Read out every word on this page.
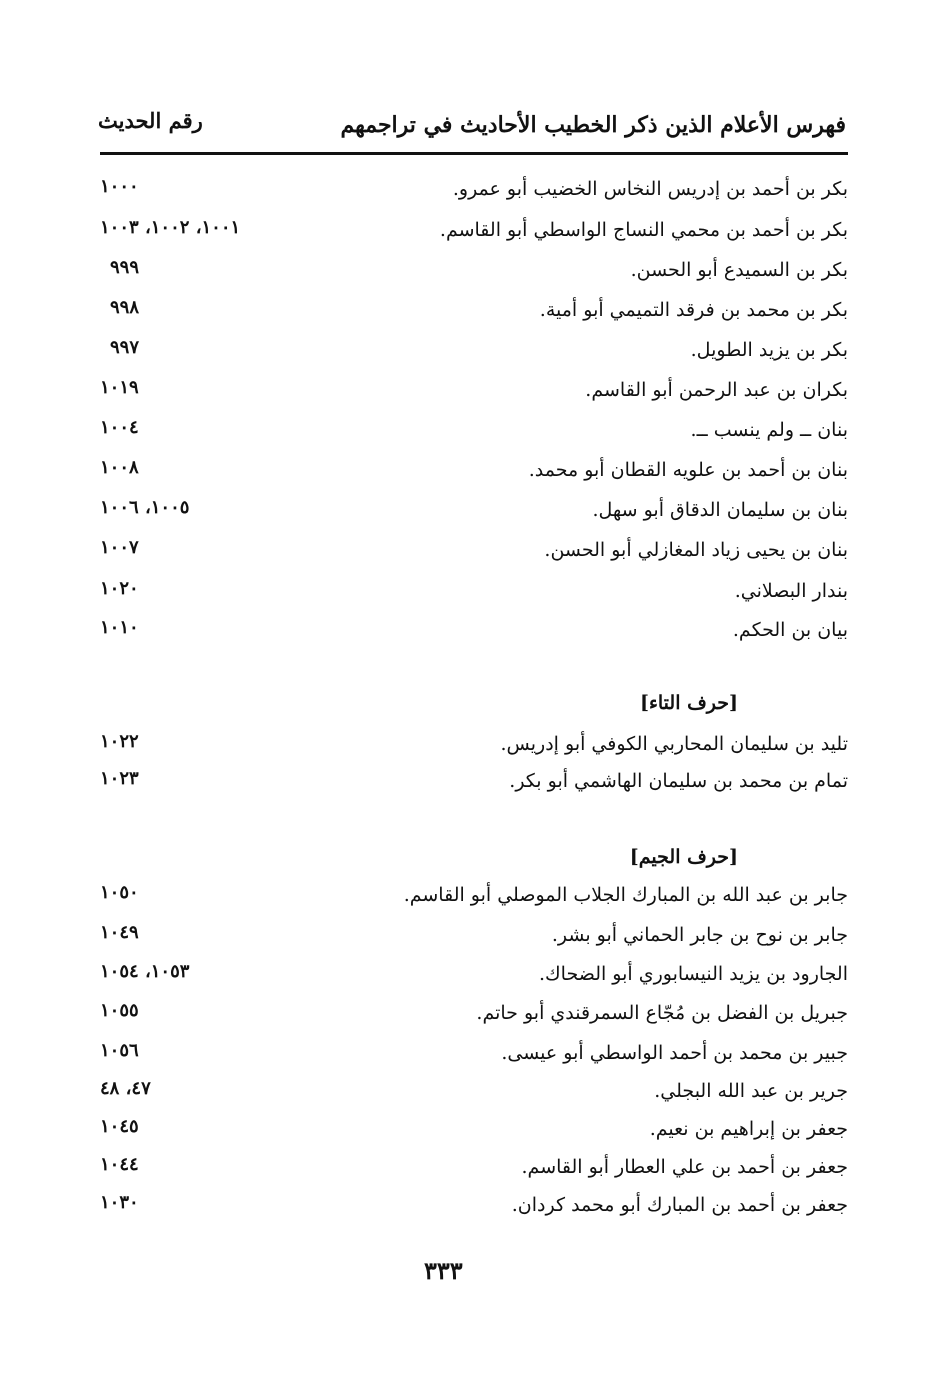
فهرس الأعلام الذين ذكر الخطيب الأحاديث في تراجمهم
رقم الحديث
بكر بن أحمد بن إدريس النخاس الخضيب أبو عمرو.
١٠٠٠
بكر بن أحمد بن محمي النساج الواسطي أبو القاسم.
١٠٠١، ١٠٠٢، ١٠٠٣
بكر بن السميدع أبو الحسن.
٩٩٩
بكر بن محمد بن فرقد التميمي أبو أمية.
٩٩٨
بكر بن يزيد الطويل.
٩٩٧
بكران بن عبد الرحمن أبو القاسم.
١٠١٩
بنان ــ ولم ينسب ــ.
١٠٠٤
بنان بن أحمد بن علويه القطان أبو محمد.
١٠٠٨
بنان بن سليمان الدقاق أبو سهل.
١٠٠٥، ١٠٠٦
بنان بن يحيى زياد المغازلي أبو الحسن.
١٠٠٧
بندار البصلاني.
١٠٢٠
بيان بن الحكم.
١٠١٠
[حرف التاء]
تليد بن سليمان المحاربي الكوفي أبو إدريس.
١٠٢٢
تمام بن محمد بن سليمان الهاشمي أبو بكر.
١٠٢٣
[حرف الجيم]
جابر بن عبد الله بن المبارك الجلاب الموصلي أبو القاسم.
١٠٥٠
جابر بن نوح بن جابر الحماني أبو بشر.
١٠٤٩
الجارود بن يزيد النيسابوري أبو الضحاك.
١٠٥٣، ١٠٥٤
جبريل بن الفضل بن مُجّاع السمرقندي أبو حاتم.
١٠٥٥
جبير بن محمد بن أحمد الواسطي أبو عيسى.
١٠٥٦
جرير بن عبد الله البجلي.
٤٧، ٤٨
جعفر بن إبراهيم بن نعيم.
١٠٤٥
جعفر بن أحمد بن علي العطار أبو القاسم.
١٠٤٤
جعفر بن أحمد بن المبارك أبو محمد كردان.
١٠٣٠
٣٣٣
